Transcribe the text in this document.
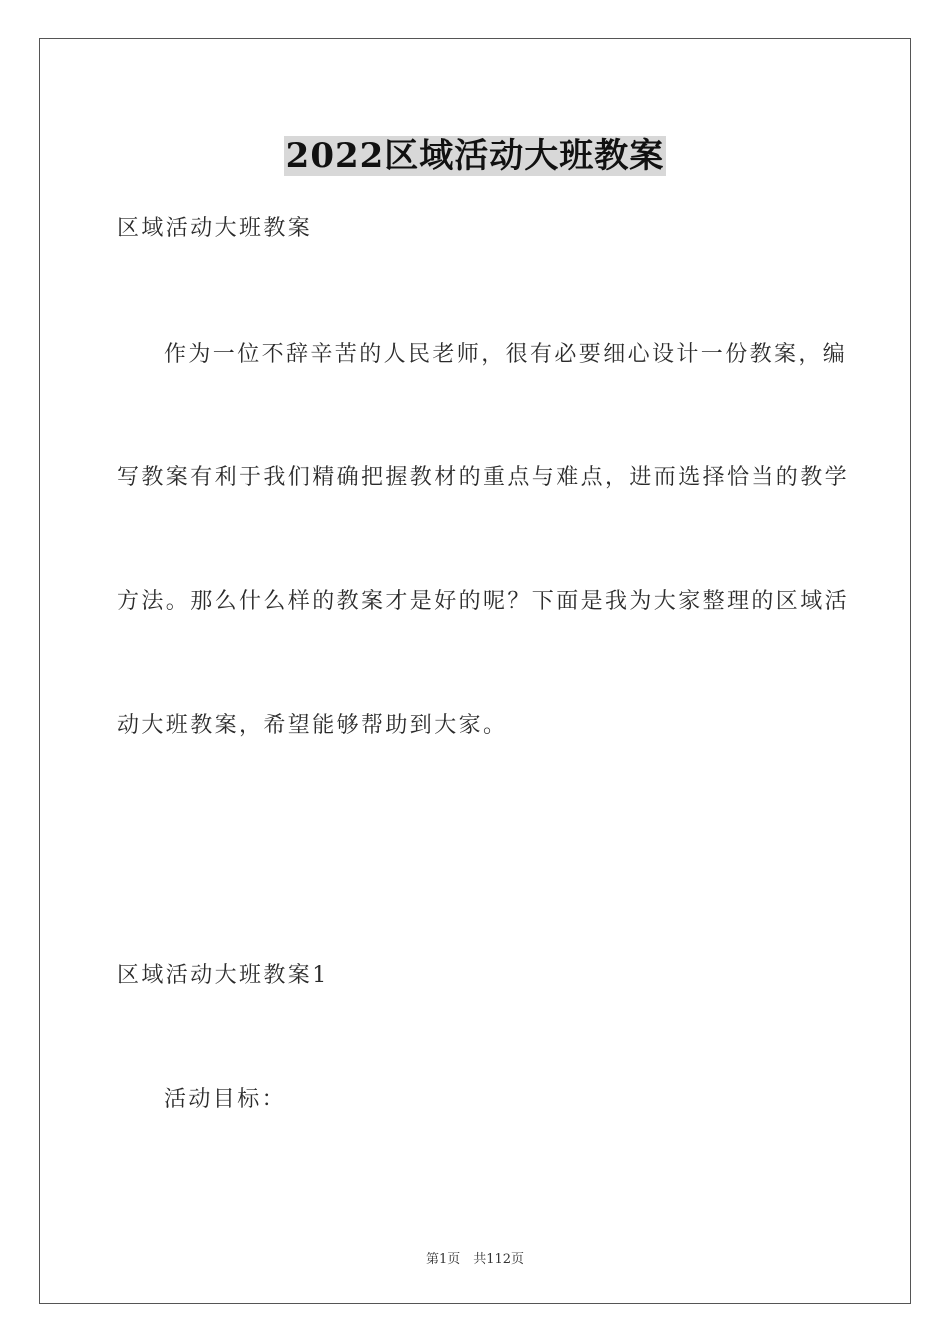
2022区域活动大班教案
区域活动大班教案
作为一位不辞辛苦的人民老师，很有必要细心设计一份教案，编
写教案有利于我们精确把握教材的重点与难点，进而选择恰当的教学
方法。那么什么样的教案才是好的呢？下面是我为大家整理的区域活
动大班教案，希望能够帮助到大家。
区域活动大班教案1
活动目标：
第1页　共112页
